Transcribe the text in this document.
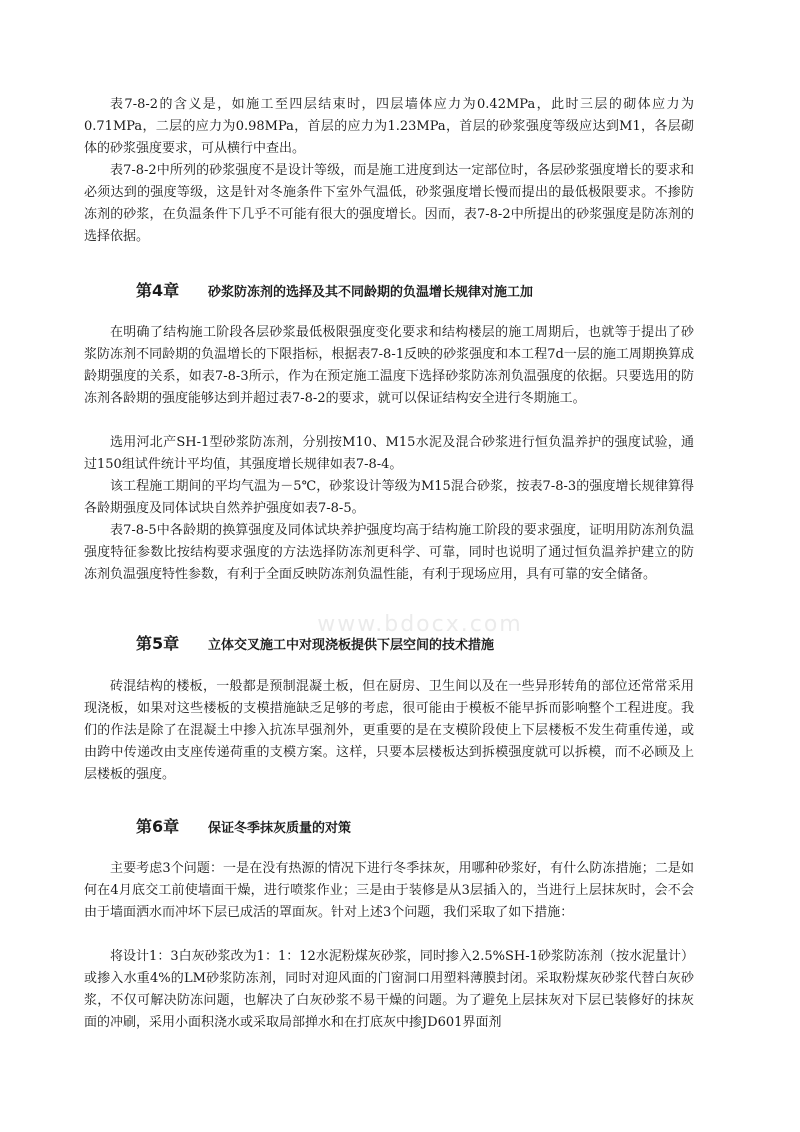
表7-8-2的含义是，如施工至四层结束时，四层墙体应力为0.42MPa，此时三层的砌体应力为0.71MPa，二层的应力为0.98MPa，首层的应力为1.23MPa，首层的砂浆强度等级应达到M1，各层砌体的砂浆强度要求，可从横行中查出。

表7-8-2中所列的砂浆强度不是设计等级，而是施工进度到达一定部位时，各层砂浆强度增长的要求和必须达到的强度等级，这是针对冬施条件下室外气温低，砂浆强度增长慢而提出的最低极限要求。不掺防冻剂的砂浆，在负温条件下几乎不可能有很大的强度增长。因而，表7-8-2中所提出的砂浆强度是防冻剂的选择依据。

第4章 砂浆防冻剂的选择及其不同龄期的负温增长规律对施工加

在明确了结构施工阶段各层砂浆最低极限强度变化要求和结构楼层的施工周期后，也就等于提出了砂浆防冻剂不同龄期的负温增长的下限指标，根据表7-8-1反映的砂浆强度和本工程7d一层的施工周期换算成龄期强度的关系，如表7-8-3所示，作为在预定施工温度下选择砂浆防冻剂负温强度的依据。只要选用的防冻剂各龄期的强度能够达到并超过表7-8-2的要求，就可以保证结构安全进行冬期施工。

选用河北产SH-1型砂浆防冻剂，分别按M10、M15水泥及混合砂浆进行恒负温养护的强度试验，通过150组试件统计平均值，其强度增长规律如表7-8-4。

该工程施工期间的平均气温为－5℃，砂浆设计等级为M15混合砂浆，按表7-8-3的强度增长规律算得各龄期强度及同体试块自然养护强度如表7-8-5。

表7-8-5中各龄期的换算强度及同体试块养护强度均高于结构施工阶段的要求强度，证明用防冻剂负温强度特征参数比按结构要求强度的方法选择防冻剂更科学、可靠，同时也说明了通过恒负温养护建立的防冻剂负温强度特性参数，有利于全面反映防冻剂负温性能，有利于现场应用，具有可靠的安全储备。

第5章 立体交叉施工中对现浇板提供下层空间的技术措施

砖混结构的楼板，一般都是预制混凝土板，但在厨房、卫生间以及在一些异形转角的部位还常常采用现浇板，如果对这些楼板的支模措施缺乏足够的考虑，很可能由于模板不能早拆而影响整个工程进度。我们的作法是除了在混凝土中掺入抗冻早强剂外，更重要的是在支模阶段使上下层楼板不发生荷重传递，或由跨中传递改由支座传递荷重的支模方案。这样，只要本层楼板达到拆模强度就可以拆模，而不必顾及上层楼板的强度。

第6章 保证冬季抹灰质量的对策

主要考虑3个问题：一是在没有热源的情况下进行冬季抹灰，用哪种砂浆好，有什么防冻措施；二是如何在4月底交工前使墙面干燥，进行喷浆作业；三是由于装修是从3层插入的，当进行上层抹灰时，会不会由于墙面洒水而冲坏下层已成活的罩面灰。针对上述3个问题，我们采取了如下措施：

将设计1：3白灰砂浆改为1：1：12水泥粉煤灰砂浆，同时掺入2.5%SH-1砂浆防冻剂（按水泥量计）或掺入水重4%的LM砂浆防冻剂，同时对迎风面的门窗洞口用塑料薄膜封闭。采取粉煤灰砂浆代替白灰砂浆，不仅可解决防冻问题，也解决了白灰砂浆不易干燥的问题。为了避免上层抹灰对下层已装修好的抹灰面的冲刷，采用小面积浇水或采取局部掸水和在打底灰中掺JD601界面剂

www.bdocx.com
